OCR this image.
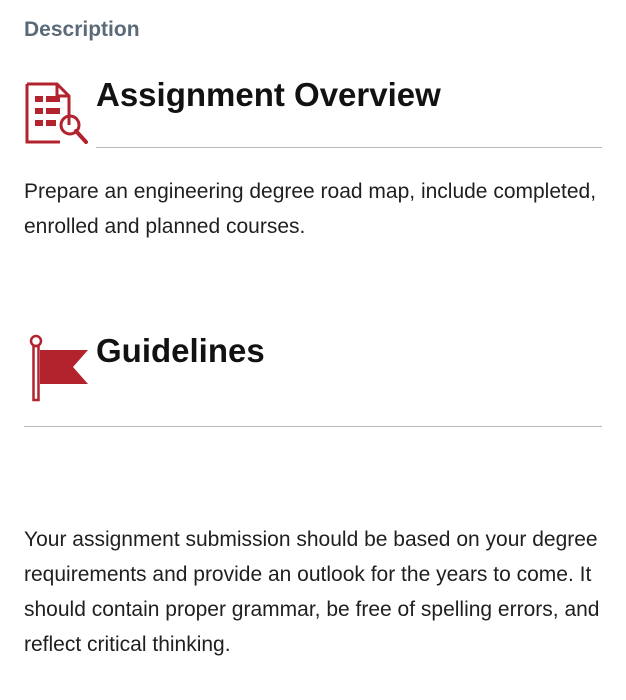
Description
Assignment Overview
Prepare an engineering degree road map, include completed, enrolled and planned courses.
Guidelines
Your assignment submission should be based on your degree requirements and provide an outlook for the years to come. It should contain proper grammar, be free of spelling errors, and reflect critical thinking.
